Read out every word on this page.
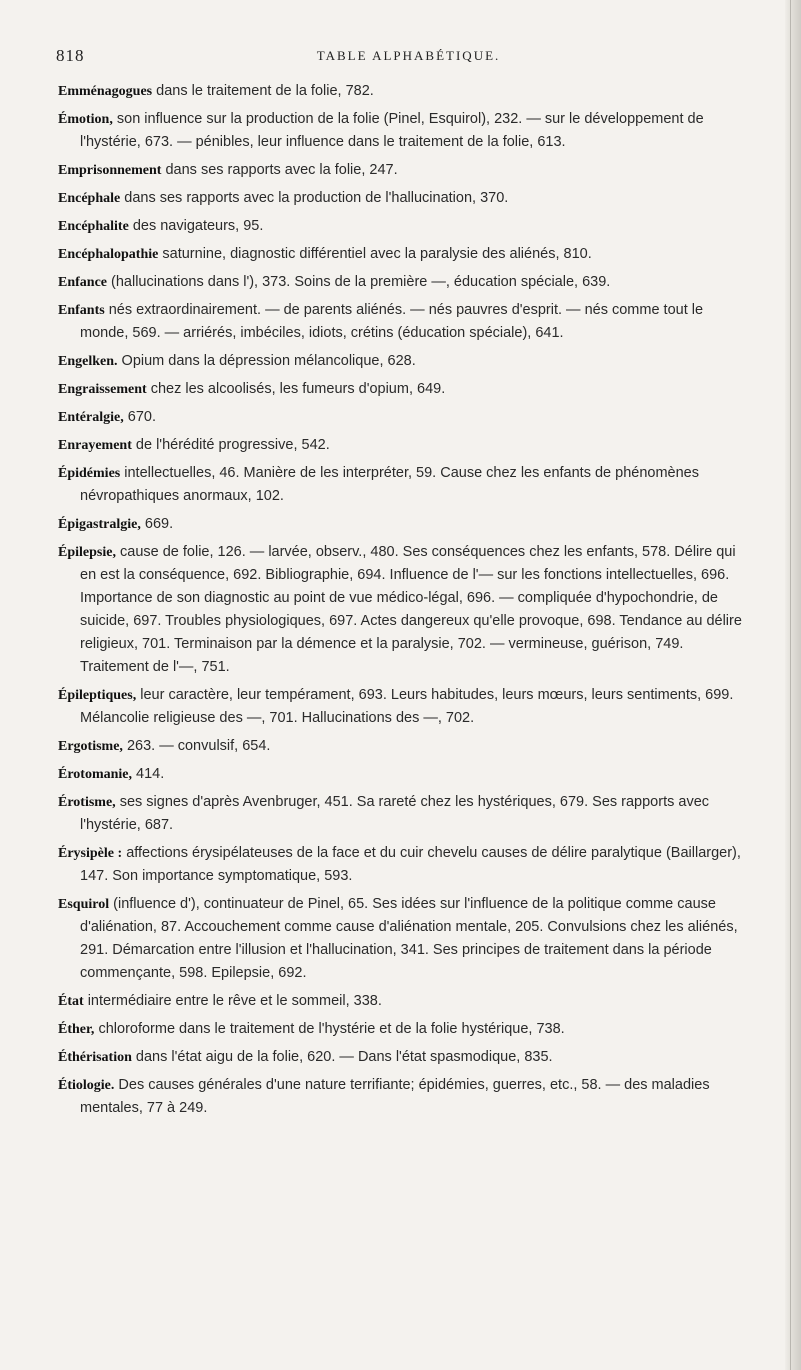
818	TABLE ALPHABÉTIQUE.

Emménagogues dans le traitement de la folie, 782.

Émotion, son influence sur la production de la folie (Pinel, Esquirol), 232. — sur le développement de l'hystérie, 673. — pénibles, leur influence dans le traitement de la folie, 613.

Emprisonnement dans ses rapports avec la folie, 247.

Encéphale dans ses rapports avec la production de l'hallucination, 370.

Encéphalite des navigateurs, 95.

Encéphalopathie saturnine, diagnostic différentiel avec la paralysie des aliénés, 810.

Enfance (hallucinations dans l'), 373. Soins de la première —, éducation spéciale, 639.

Enfants nés extraordinairement. — de parents aliénés. — nés pauvres d'esprit. — nés comme tout le monde, 569. — arriérés, imbéciles, idiots, crétins (éducation spéciale), 641.

Engelken. Opium dans la dépression mélancolique, 628.

Engraissement chez les alcoolisés, les fumeurs d'opium, 649.

Entéralgie, 670.

Enrayement de l'hérédité progressive, 542.

Épidémies intellectuelles, 46. Manière de les interpréter, 59. Cause chez les enfants de phénomènes névropathiques anormaux, 102.

Épigastralgie, 669.

Épilepsie, cause de folie, 126. — larvée, observ., 480. Ses conséquences chez les enfants, 578. Délire qui en est la conséquence, 692. Bibliographie, 694. Influence de l'— sur les fonctions intellectuelles, 696. Importance de son diagnostic au point de vue médico-légal, 696. — compliquée d'hypochondrie, de suicide, 697. Troubles physiologiques, 697. Actes dangereux qu'elle provoque, 698. Tendance au délire religieux, 701. Terminaison par la démence et la paralysie, 702. — vermineuse, guérison, 749. Traitement de l'—, 751.

Épileptiques, leur caractère, leur tempérament, 693. Leurs habitudes, leurs mœurs, leurs sentiments, 699. Mélancolie religieuse des —, 701. Hallucinations des —, 702.

Ergotisme, 263. — convulsif, 654.

Érotomanie, 414.

Érotisme, ses signes d'après Avenbruger, 451. Sa rareté chez les hystériques, 679. Ses rapports avec l'hystérie, 687.

Érysipèle : affections érysipélateuses de la face et du cuir chevelu causes de délire paralytique (Baillarger), 147. Son importance symptomatique, 593.

Esquirol (influence d'), continuateur de Pinel, 65. Ses idées sur l'influence de la politique comme cause d'aliénation, 87. Accouchement comme cause d'aliénation mentale, 205. Convulsions chez les aliénés, 291. Démarcation entre l'illusion et l'hallucination, 341. Ses principes de traitement dans la période commençante, 598. Epilepsie, 692.

État intermédiaire entre le rêve et le sommeil, 338.

Éther, chloroforme dans le traitement de l'hystérie et de la folie hystérique, 738.

Éthérisation dans l'état aigu de la folie, 620. — Dans l'état spasmodique, 835.

Étiologie. Des causes générales d'une nature terrifiante; épidémies, guerres, etc., 58. — des maladies mentales, 77 à 249.
